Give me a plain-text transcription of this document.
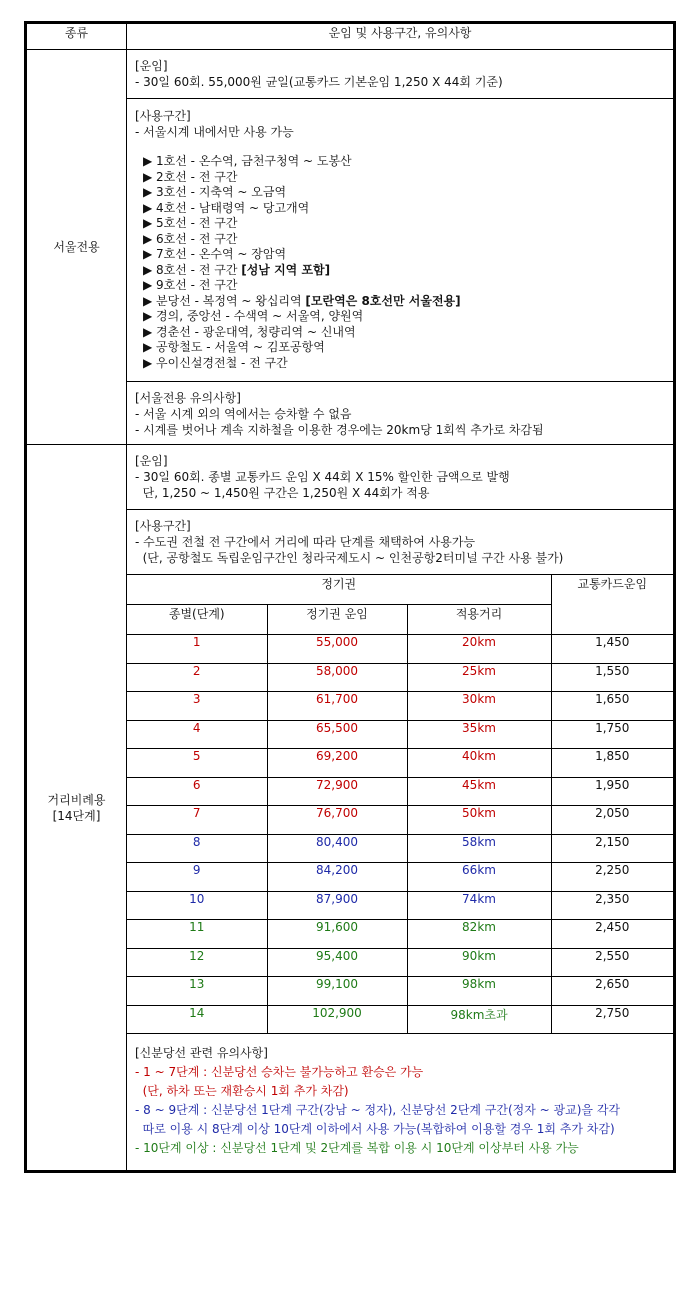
종류	운임 및 사용구간, 유의사항
서울전용	
[운임]
- 30일 60회. 55,000원 균일(교통카드 기본운임 1,250 X 44회 기준)

[사용구간]
- 서울시계 내에서만 사용 가능
▶ 1호선 - 온수역, 금천구청역 ~ 도봉산
▶ 2호선 - 전 구간
▶ 3호선 - 지축역 ~ 오금역
▶ 4호선 - 남태령역 ~ 당고개역
▶ 5호선 - 전 구간
▶ 6호선 - 전 구간
▶ 7호선 - 온수역 ~ 장암역
▶ 8호선 - 전 구간 [성남 지역 포함]
▶ 9호선 - 전 구간
▶ 분당선 - 복정역 ~ 왕십리역 [모란역은 8호선만 서울전용]
▶ 경의, 중앙선 - 수색역 ~ 서울역, 양원역
▶ 경춘선 - 광운대역, 청량리역 ~ 신내역
▶ 공항철도 - 서울역 ~ 김포공항역
▶ 우이신설경전철 - 전 구간

[서울전용 유의사항]
- 서울 시계 외의 역에서는 승차할 수 없음
- 시계를 벗어나 계속 지하철을 이용한 경우에는 20km당 1회씩 추가로 차감됨

거리비례용
[14단계]

[운임]
- 30일 60회. 종별 교통카드 운임 X 44회 X 15% 할인한 금액으로 발행
단, 1,250 ~ 1,450원 구간은 1,250원 X 44회가 적용

[사용구간]
- 수도권 전철 전 구간에서 거리에 따라 단계를 채택하여 사용가능
(단, 공항철도 독립운임구간인 청라국제도시 ~ 인천공항2터미널 구간 사용 불가)

정기권	교통카드운임
종별(단계)	정기권 운임	적용거리
1	55,000	20km	1,450
2	58,000	25km	1,550
3	61,700	30km	1,650
4	65,500	35km	1,750
5	69,200	40km	1,850
6	72,900	45km	1,950
7	76,700	50km	2,050
8	80,400	58km	2,150
9	84,200	66km	2,250
10	87,900	74km	2,350
11	91,600	82km	2,450
12	95,400	90km	2,550
13	99,100	98km	2,650
14	102,900	98km초과	2,750

[신분당선 관련 유의사항]
- 1 ~ 7단계 : 신분당선 승차는 불가능하고 환승은 가능
(단, 하차 또는 재환승시 1회 추가 차감)
- 8 ~ 9단계 : 신분당선 1단계 구간(강남 ~ 정자), 신분당선 2단계 구간(정자 ~ 광교)을 각각
따로 이용 시 8단계 이상 10단계 이하에서 사용 가능(복합하여 이용할 경우 1회 추가 차감)
- 10단계 이상 : 신분당선 1단계 및 2단계를 복합 이용 시 10단계 이상부터 사용 가능
